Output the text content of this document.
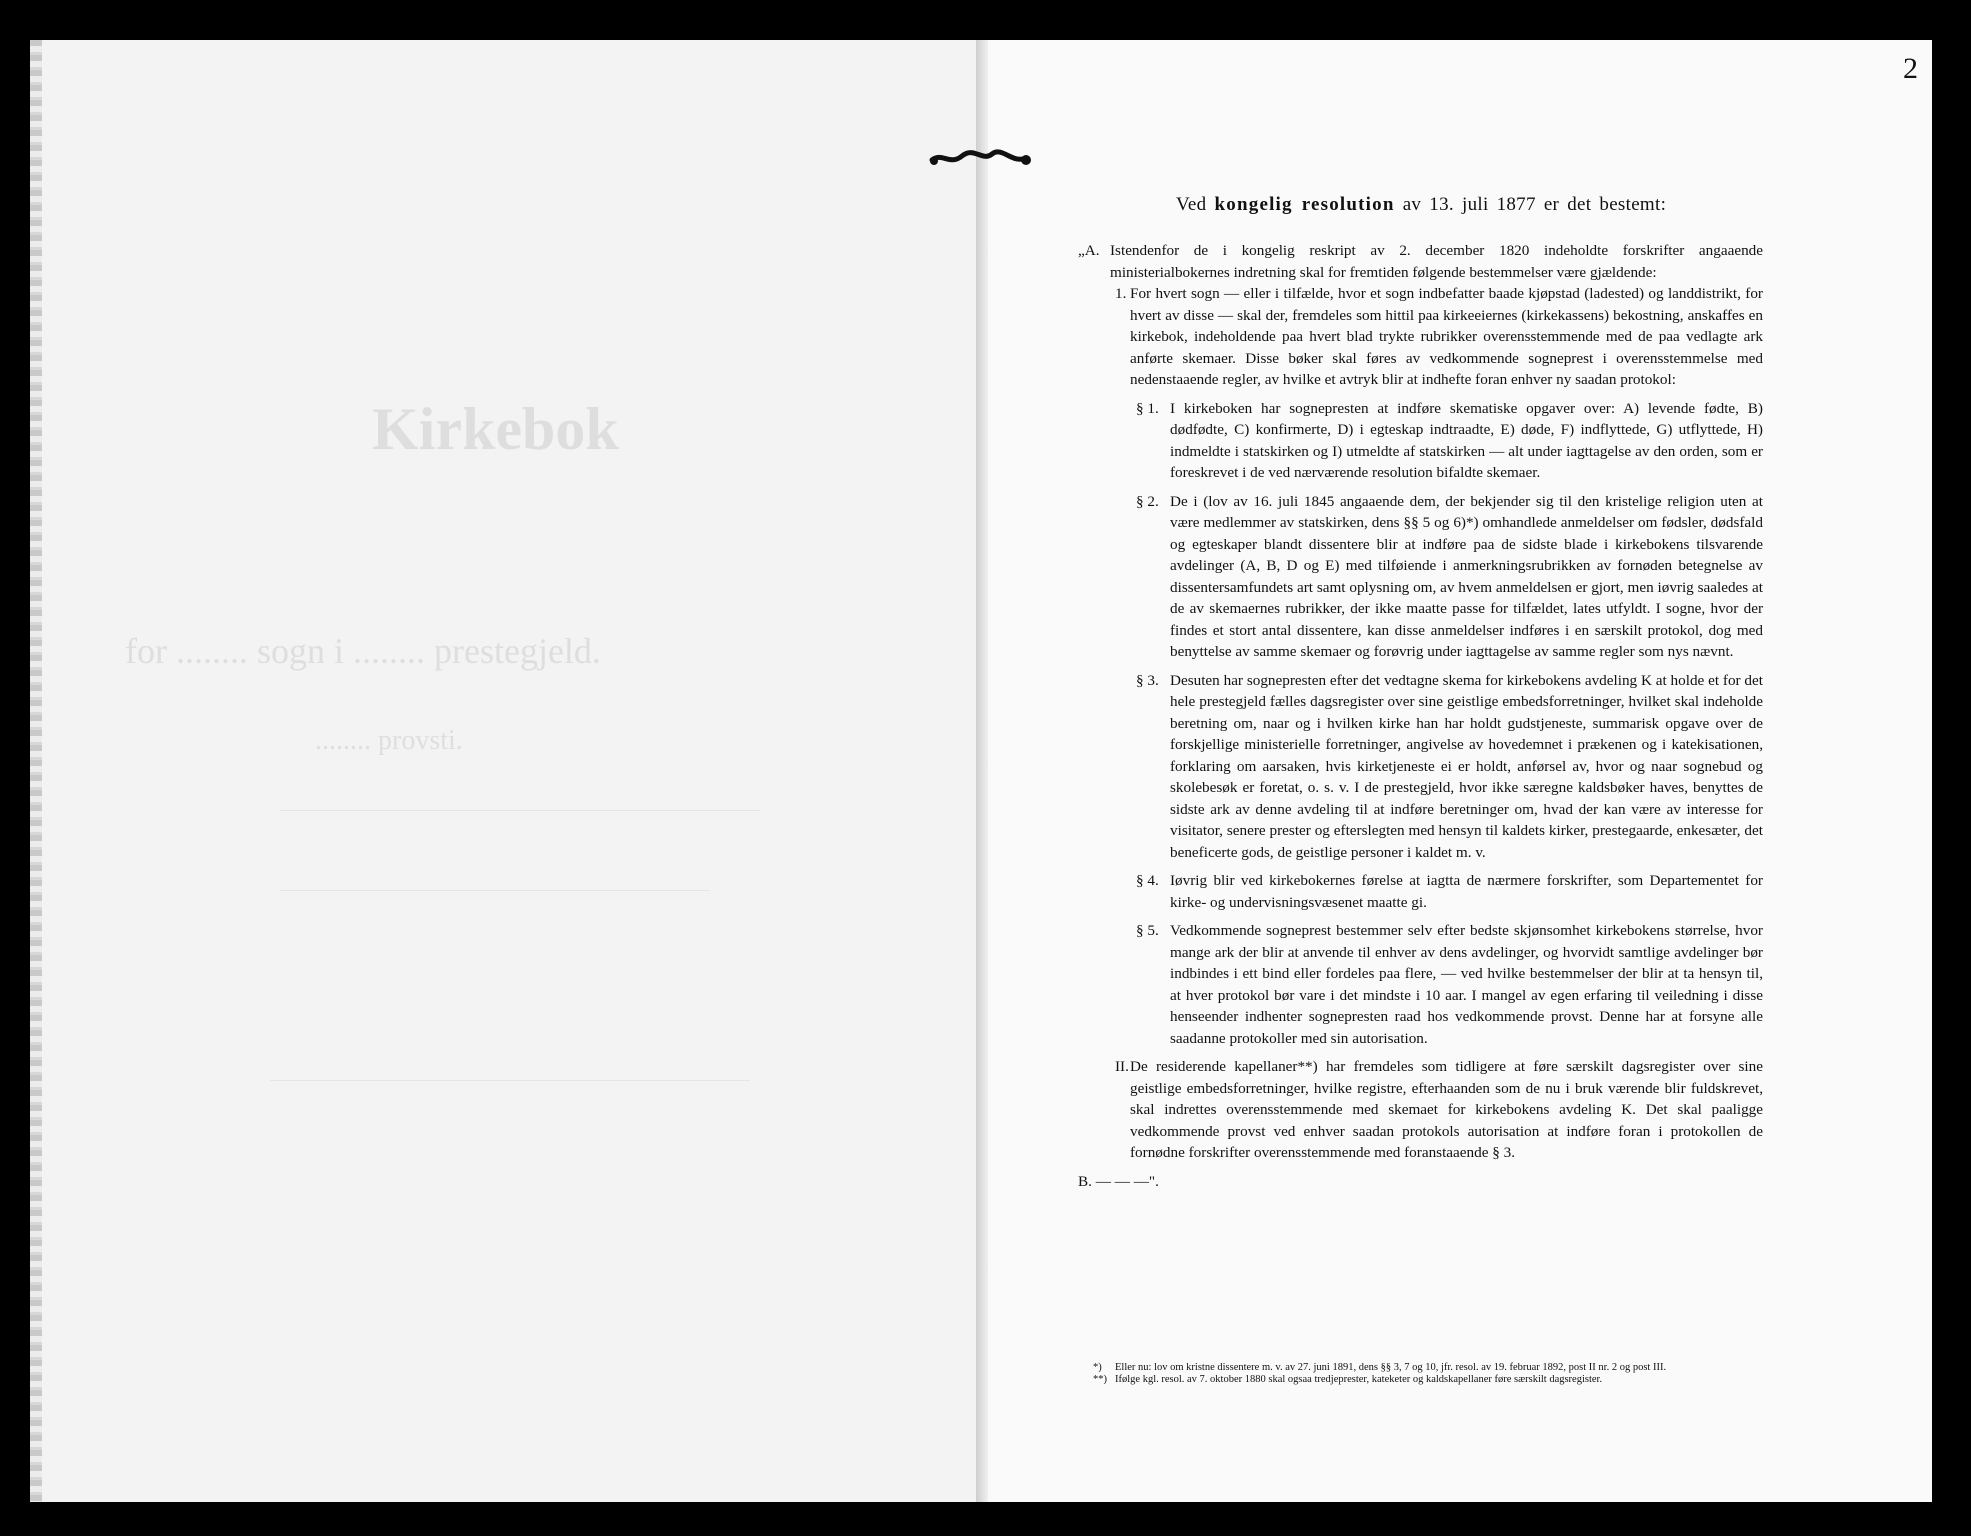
Kirkebok
for ........ sogn i ........ prestegjeld.
........ provsti.
2
Ved kongelig resolution av 13. juli 1877 er det bestemt:
„A. Istendenfor de i kongelig reskript av 2. december 1820 indeholdte forskrifter angaaende ministerialbokernes indretning skal for fremtiden følgende bestemmelser være gjældende:
1. For hvert sogn — eller i tilfælde, hvor et sogn indbefatter baade kjøpstad (ladested) og landdistrikt, for hvert av disse — skal der, fremdeles som hittil paa kirkeeiernes (kirkekassens) bekostning, anskaffes en kirkebok, indeholdende paa hvert blad trykte rubrikker overensstemmende med de paa vedlagte ark anførte skemaer. Disse bøker skal føres av vedkommende sogneprest i overensstemmelse med nedenstaaende regler, av hvilke et avtryk blir at indhefte foran enhver ny saadan protokol:
§ 1. I kirkeboken har sognepresten at indføre skematiske opgaver over: A) levende fødte, B) dødfødte, C) konfirmerte, D) i egteskap indtraadte, E) døde, F) indflyttede, G) utflyttede, H) indmeldte i statskirken og I) utmeldte af statskirken — alt under iagttagelse av den orden, som er foreskrevet i de ved nærværende resolution bifaldte skemaer.
§ 2. De i (lov av 16. juli 1845 angaaende dem, der bekjender sig til den kristelige religion uten at være medlemmer av statskirken, dens §§ 5 og 6)*) omhandlede anmeldelser om fødsler, dødsfald og egteskaper blandt dissentere blir at indføre paa de sidste blade i kirkebokens tilsvarende avdelinger (A, B, D og E) med tilføiende i anmerkningsrubrikken av fornøden betegnelse av dissentersamfundets art samt oplysning om, av hvem anmeldelsen er gjort, men iøvrig saaledes at de av skemaernes rubrikker, der ikke maatte passe for tilfældet, lates utfyldt. I sogne, hvor der findes et stort antal dissentere, kan disse anmeldelser indføres i en særskilt protokol, dog med benyttelse av samme skemaer og forøvrig under iagttagelse av samme regler som nys nævnt.
§ 3. Desuten har sognepresten efter det vedtagne skema for kirkebokens avdeling K at holde et for det hele prestegjeld fælles dagsregister over sine geistlige embedsforretninger, hvilket skal indeholde beretning om, naar og i hvilken kirke han har holdt gudstjeneste, summarisk opgave over de forskjellige ministerielle forretninger, angivelse av hovedemnet i prækenen og i katekisationen, forklaring om aarsaken, hvis kirketjeneste ei er holdt, anførsel av, hvor og naar sognebud og skolebesøk er foretat, o. s. v. I de prestegjeld, hvor ikke særegne kaldsbøker haves, benyttes de sidste ark av denne avdeling til at indføre beretninger om, hvad der kan være av interesse for visitator, senere prester og efterslegten med hensyn til kaldets kirker, prestegaarde, enkesæter, det beneficerte gods, de geistlige personer i kaldet m. v.
§ 4. Iøvrig blir ved kirkebokernes førelse at iagtta de nærmere forskrifter, som Departementet for kirke- og undervisningsvæsenet maatte gi.
§ 5. Vedkommende sogneprest bestemmer selv efter bedste skjønsomhet kirkebokens størrelse, hvor mange ark der blir at anvende til enhver av dens avdelinger, og hvorvidt samtlige avdelinger bør indbindes i ett bind eller fordeles paa flere, — ved hvilke bestemmelser der blir at ta hensyn til, at hver protokol bør vare i det mindste i 10 aar. I mangel av egen erfaring til veiledning i disse henseender indhenter sognepresten raad hos vedkommende provst. Denne har at forsyne alle saadanne protokoller med sin autorisation.
II. De residerende kapellaner**) har fremdeles som tidligere at føre særskilt dagsregister over sine geistlige embedsforretninger, hvilke registre, efterhaanden som de nu i bruk værende blir fuldskrevet, skal indrettes overensstemmende med skemaet for kirkebokens avdeling K. Det skal paaligge vedkommende provst ved enhver saadan protokols autorisation at indføre foran i protokollen de fornødne forskrifter overensstemmende med foranstaaende § 3.
B. — — —".
*)	Eller nu: lov om kristne dissentere m. v. av 27. juni 1891, dens §§ 3, 7 og 10, jfr. resol. av 19. februar 1892, post II nr. 2 og post III.
**) Ifølge kgl. resol. av 7. oktober 1880 skal ogsaa tredjeprester, kateketer og kaldskapellaner føre særskilt dagsregister.
